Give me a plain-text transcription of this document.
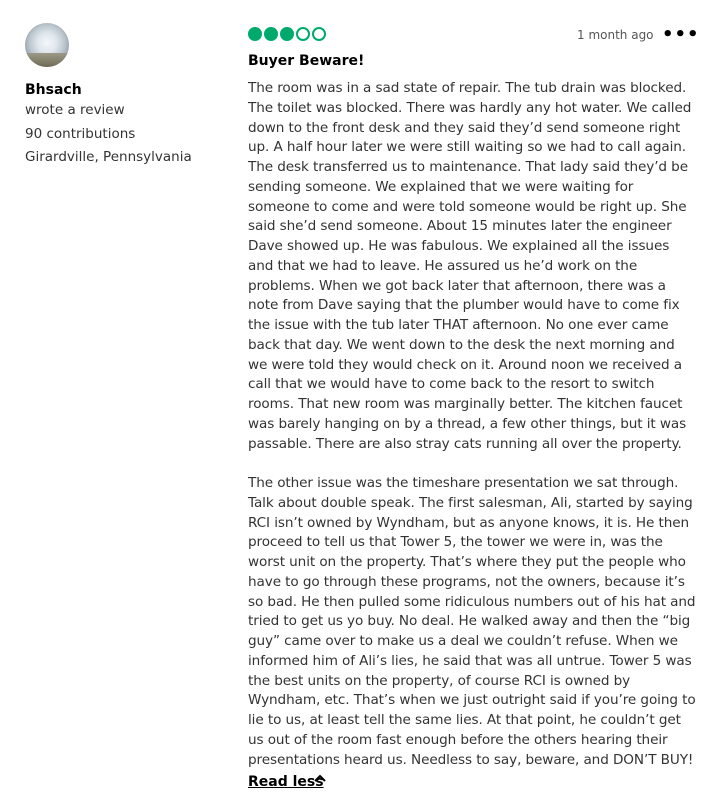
Bhsach
wrote a review
90 contributions
Girardville, Pennsylvania
1 month ago •••
Buyer Beware!
The room was in a sad state of repair. The tub drain was blocked. The toilet was blocked. There was hardly any hot water. We called down to the front desk and they said they’d send someone right up. A half hour later we were still waiting so we had to call again. The desk transferred us to maintenance. That lady said they’d be sending someone. We explained that we were waiting for someone to come and were told someone would be right up. She said she’d send someone. About 15 minutes later the engineer Dave showed up. He was fabulous. We explained all the issues and that we had to leave. He assured us he’d work on the problems. When we got back later that afternoon, there was a note from Dave saying that the plumber would have to come fix the issue with the tub later THAT afternoon. No one ever came back that day. We went down to the desk the next morning and we were told they would check on it. Around noon we received a call that we would have to come back to the resort to switch rooms. That new room was marginally better. The kitchen faucet was barely hanging on by a thread, a few other things, but it was passable. There are also stray cats running all over the property.

The other issue was the timeshare presentation we sat through. Talk about double speak. The first salesman, Ali, started by saying RCI isn’t owned by Wyndham, but as anyone knows, it is. He then proceed to tell us that Tower 5, the tower we were in, was the worst unit on the property. That’s where they put the people who have to go through these programs, not the owners, because it’s so bad. He then pulled some ridiculous numbers out of his hat and tried to get us yo buy. No deal. He walked away and then the “big guy” came over to make us a deal we couldn’t refuse. When we informed him of Ali’s lies, he said that was all untrue. Tower 5 was the best units on the property, of course RCI is owned by Wyndham, etc. That’s when we just outright said if you’re going to lie to us, at least tell the same lies. At that point, he couldn’t get us out of the room fast enough before the others hearing their presentations heard us. Needless to say, beware, and DON’T BUY!
Read less
